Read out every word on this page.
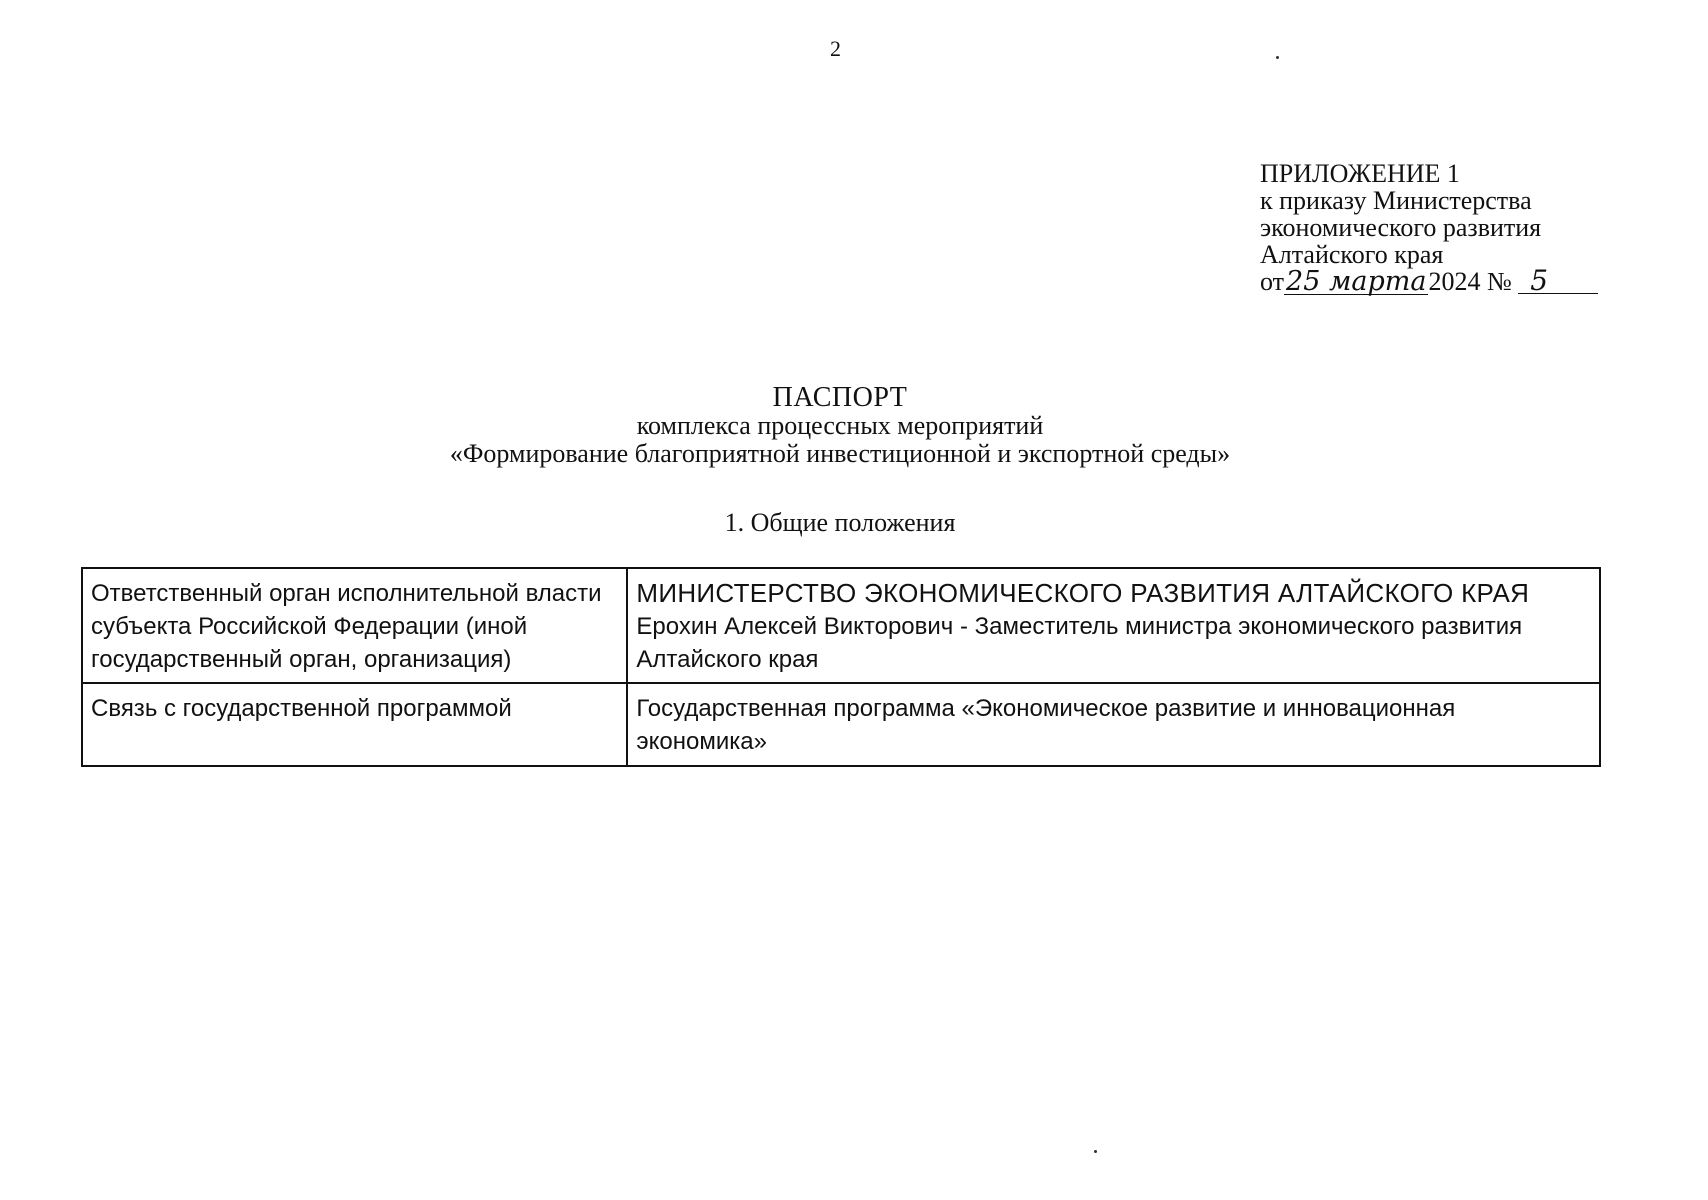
2
ПРИЛОЖЕНИЕ 1
к приказу Министерства
экономического развития
Алтайского края
от25 марта2024 № 5
ПАСПОРТ
комплекса процессных мероприятий
«Формирование благоприятной инвестиционной и экспортной среды»
1. Общие положения
Ответственный орган исполнительной власти субъекта Российской Федерации (иной государственный орган, организация)	МИНИСТЕРСТВО ЭКОНОМИЧЕСКОГО РАЗВИТИЯ АЛТАЙСКОГО КРАЯ
Ерохин Алексей Викторович - Заместитель министра экономического развития Алтайского края

Связь с государственной программой	Государственная программа «Экономическое развитие и инновационная экономика»
